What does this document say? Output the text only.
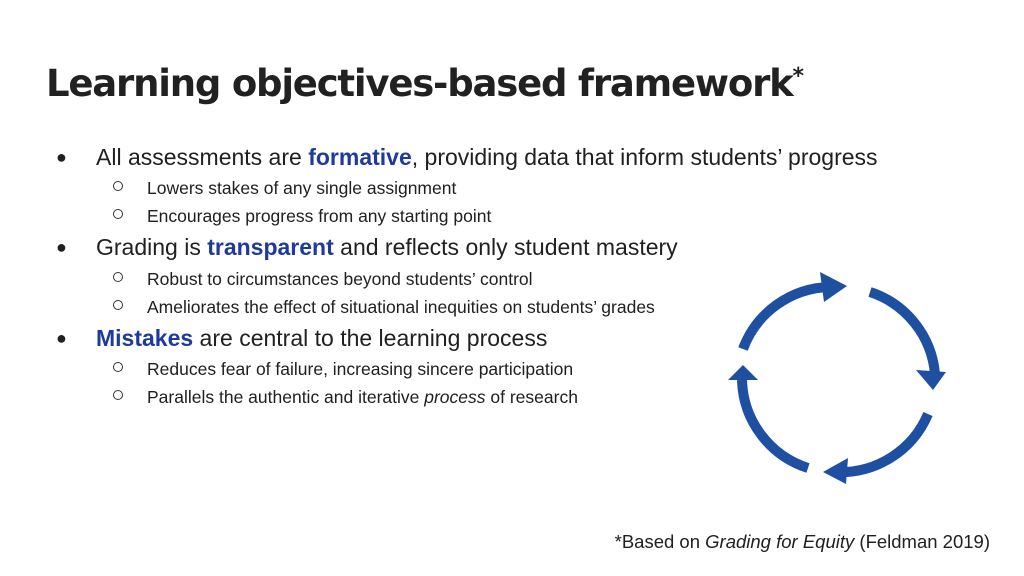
Learning objectives-based framework*
● All assessments are formative, providing data that inform students’ progress
Lowers stakes of any single assignment
Encourages progress from any starting point
● Grading is transparent and reflects only student mastery
Robust to circumstances beyond students’ control
Ameliorates the effect of situational inequities on students’ grades
● Mistakes are central to the learning process
Reduces fear of failure, increasing sincere participation
Parallels the authentic and iterative process of research
*Based on Grading for Equity (Feldman 2019)
